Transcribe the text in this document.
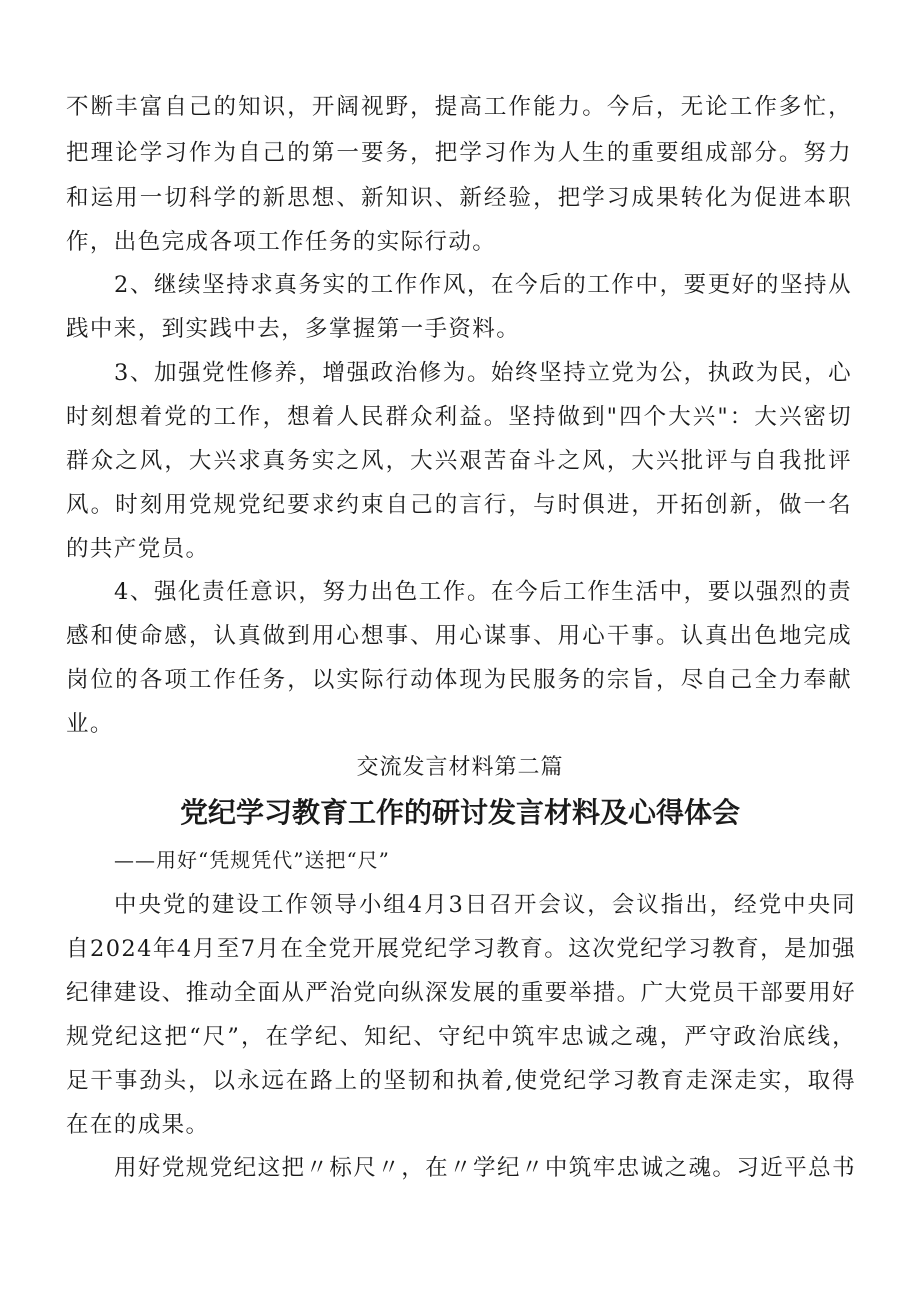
不断丰富自己的知识，开阔视野，提高工作能力。今后，无论工作多忙，
把理论学习作为自己的第一要务，把学习作为人生的重要组成部分。努力
和运用一切科学的新思想、新知识、新经验，把学习成果转化为促进本职
作，出色完成各项工作任务的实际行动。
2、继续坚持求真务实的工作作风，在今后的工作中，要更好的坚持从
践中来，到实践中去，多掌握第一手资料。
3、加强党性修养，增强政治修为。始终坚持立党为公，执政为民，心
时刻想着党的工作，想着人民群众利益。坚持做到"四个大兴"：大兴密切
群众之风，大兴求真务实之风，大兴艰苦奋斗之风，大兴批评与自我批评
风。时刻用党规党纪要求约束自己的言行，与时俱进，开拓创新，做一名
的共产党员。
4、强化责任意识，努力出色工作。在今后工作生活中，要以强烈的责
感和使命感，认真做到用心想事、用心谋事、用心干事。认真出色地完成
岗位的各项工作任务，以实际行动体现为民服务的宗旨，尽自己全力奉献
业。
交流发言材料第二篇
党纪学习教育工作的研讨发言材料及心得体会
——用好“凭规凭代”送把“尺”
中央党的建设工作领导小组4月3日召开会议，会议指出，经党中央同
自2024年4月至7月在全党开展党纪学习教育。这次党纪学习教育，是加强
纪律建设、推动全面从严治党向纵深发展的重要举措。广大党员干部要用好
规党纪这把“尺”，在学纪、知纪、守纪中筑牢忠诚之魂，严守政治底线，
足干事劲头，以永远在路上的坚韧和执着,使党纪学习教育走深走实，取得
在在的成果。
用好党规党纪这把〃标尺〃，在〃学纪〃中筑牢忠诚之魂。习近平总书
